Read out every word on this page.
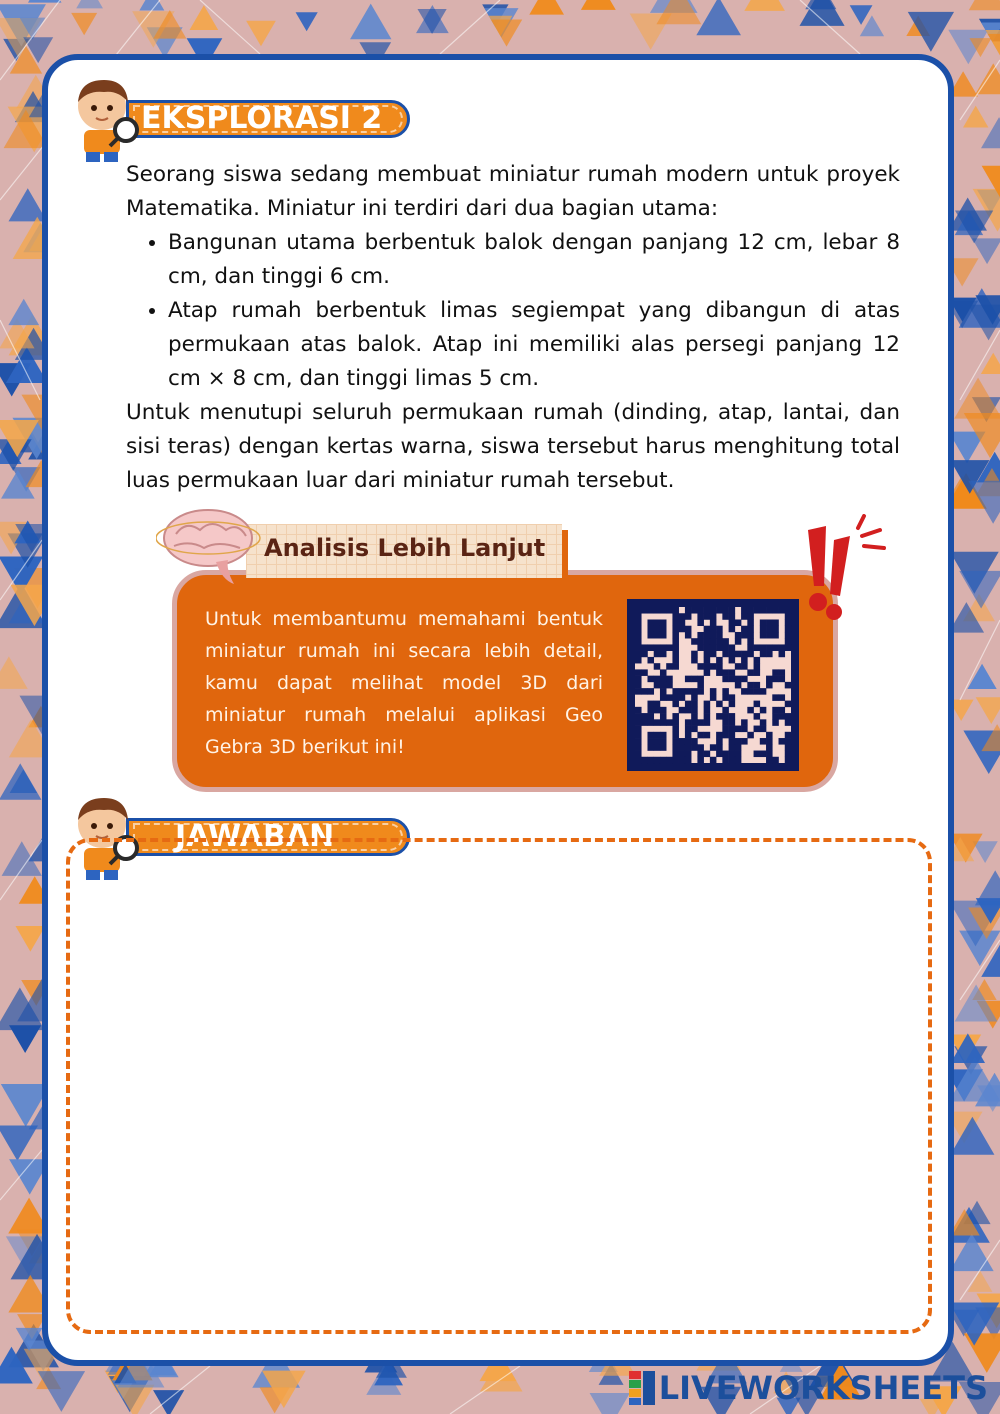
EKSPLORASI 2

Seorang siswa sedang membuat miniatur rumah modern untuk proyek Matematika. Miniatur ini terdiri dari dua bagian utama:

• Bangunan utama berbentuk balok dengan panjang 12 cm, lebar 8 cm, dan tinggi 6 cm.
• Atap rumah berbentuk limas segiempat yang dibangun di atas permukaan atas balok. Atap ini memiliki alas persegi panjang 12 cm × 8 cm, dan tinggi limas 5 cm.

Untuk menutupi seluruh permukaan rumah (dinding, atap, lantai, dan sisi teras) dengan kertas warna, siswa tersebut harus menghitung total luas permukaan luar dari miniatur rumah tersebut.

Untuk membantumu memahami bentuk miniatur rumah ini secara lebih detail, kamu dapat melihat model 3D dari miniatur rumah melalui aplikasi Geo Gebra 3D berikut ini!
Analisis Lebih Lanjut
JAWABAN
LIVEWORKSHEETS
